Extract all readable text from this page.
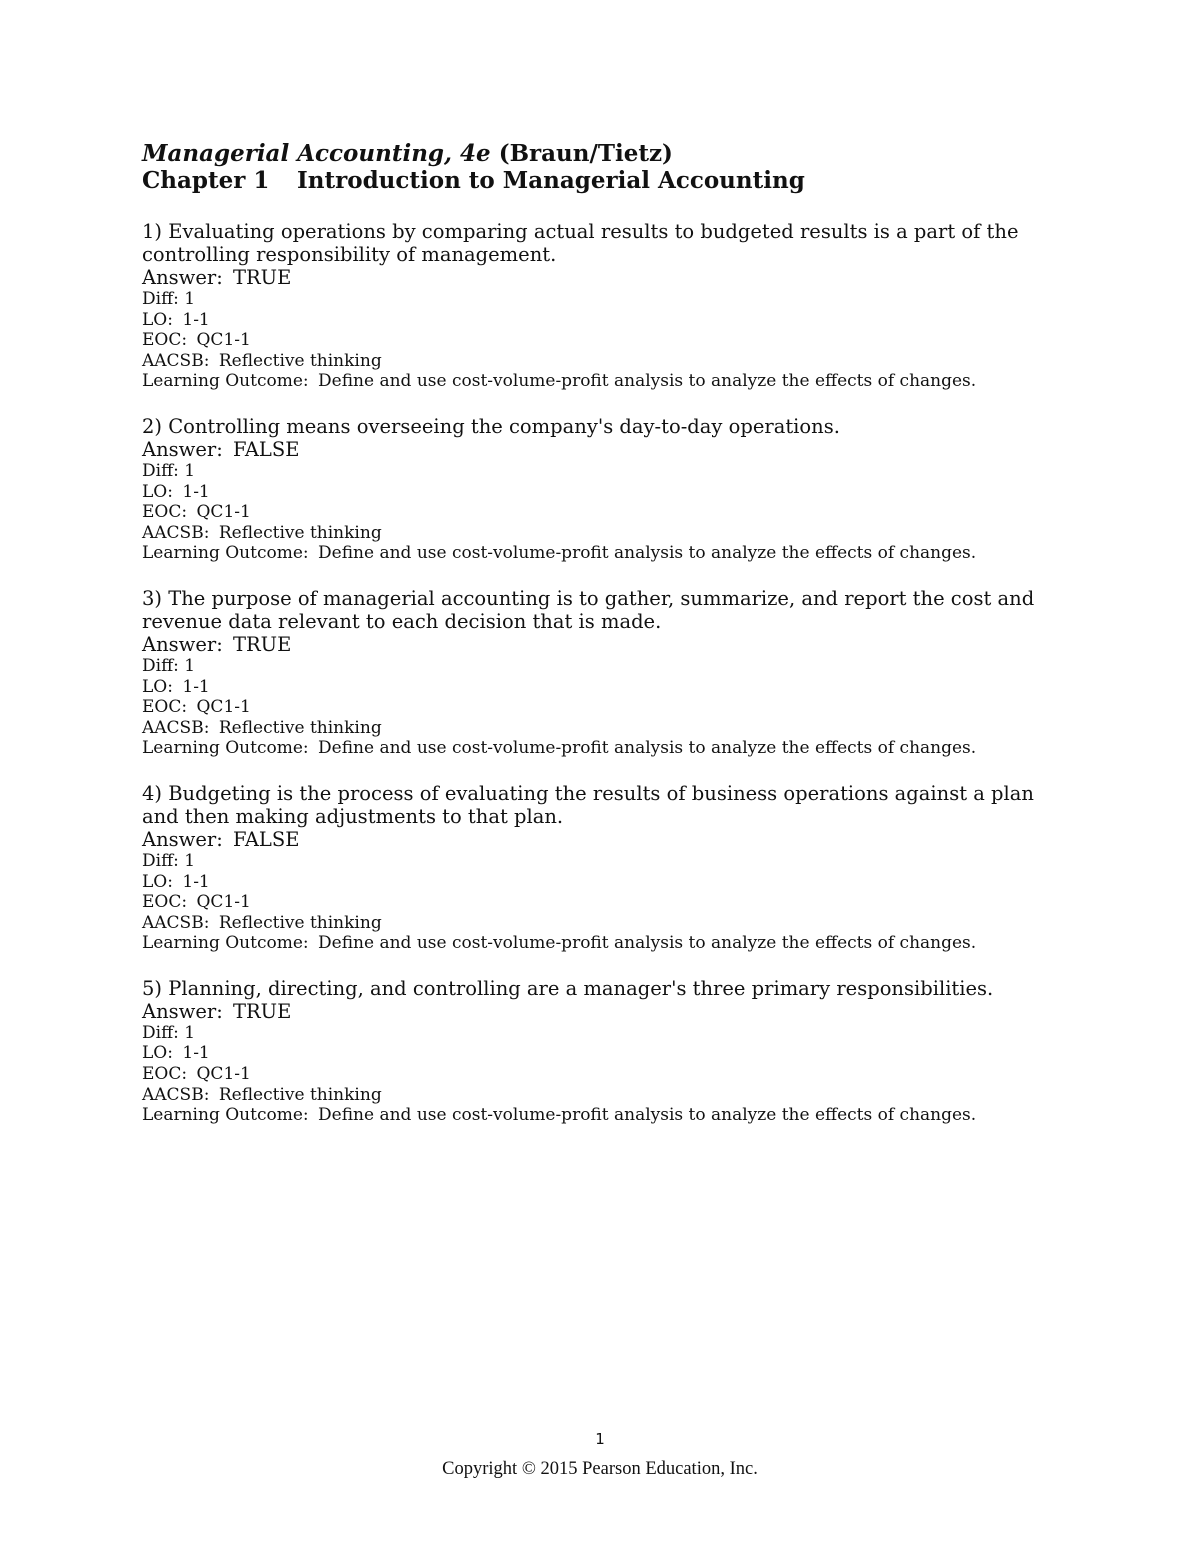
Managerial Accounting, 4e (Braun/Tietz)

Chapter 1 Introduction to Managerial Accounting

1) Evaluating operations by comparing actual results to budgeted results is a part of the controlling responsibility of management.

Answer: TRUE

Diff: 1

LO: 1-1

EOC: QC1-1

AACSB: Reflective thinking

Learning Outcome: Define and use cost-volume-profit analysis to analyze the effects of changes.

2) Controlling means overseeing the company's day-to-day operations.

Answer: FALSE

Diff: 1

LO: 1-1

EOC: QC1-1

AACSB: Reflective thinking

Learning Outcome: Define and use cost-volume-profit analysis to analyze the effects of changes.

3) The purpose of managerial accounting is to gather, summarize, and report the cost and revenue data relevant to each decision that is made.

Answer: TRUE

Diff: 1

LO: 1-1

EOC: QC1-1

AACSB: Reflective thinking

Learning Outcome: Define and use cost-volume-profit analysis to analyze the effects of changes.

4) Budgeting is the process of evaluating the results of business operations against a plan and then making adjustments to that plan.

Answer: FALSE

Diff: 1

LO: 1-1

EOC: QC1-1

AACSB: Reflective thinking

Learning Outcome: Define and use cost-volume-profit analysis to analyze the effects of changes.

5) Planning, directing, and controlling are a manager's three primary responsibilities.

Answer: TRUE

Diff: 1

LO: 1-1

EOC: QC1-1

AACSB: Reflective thinking

Learning Outcome: Define and use cost-volume-profit analysis to analyze the effects of changes.

1
Copyright © 2015 Pearson Education, Inc.
